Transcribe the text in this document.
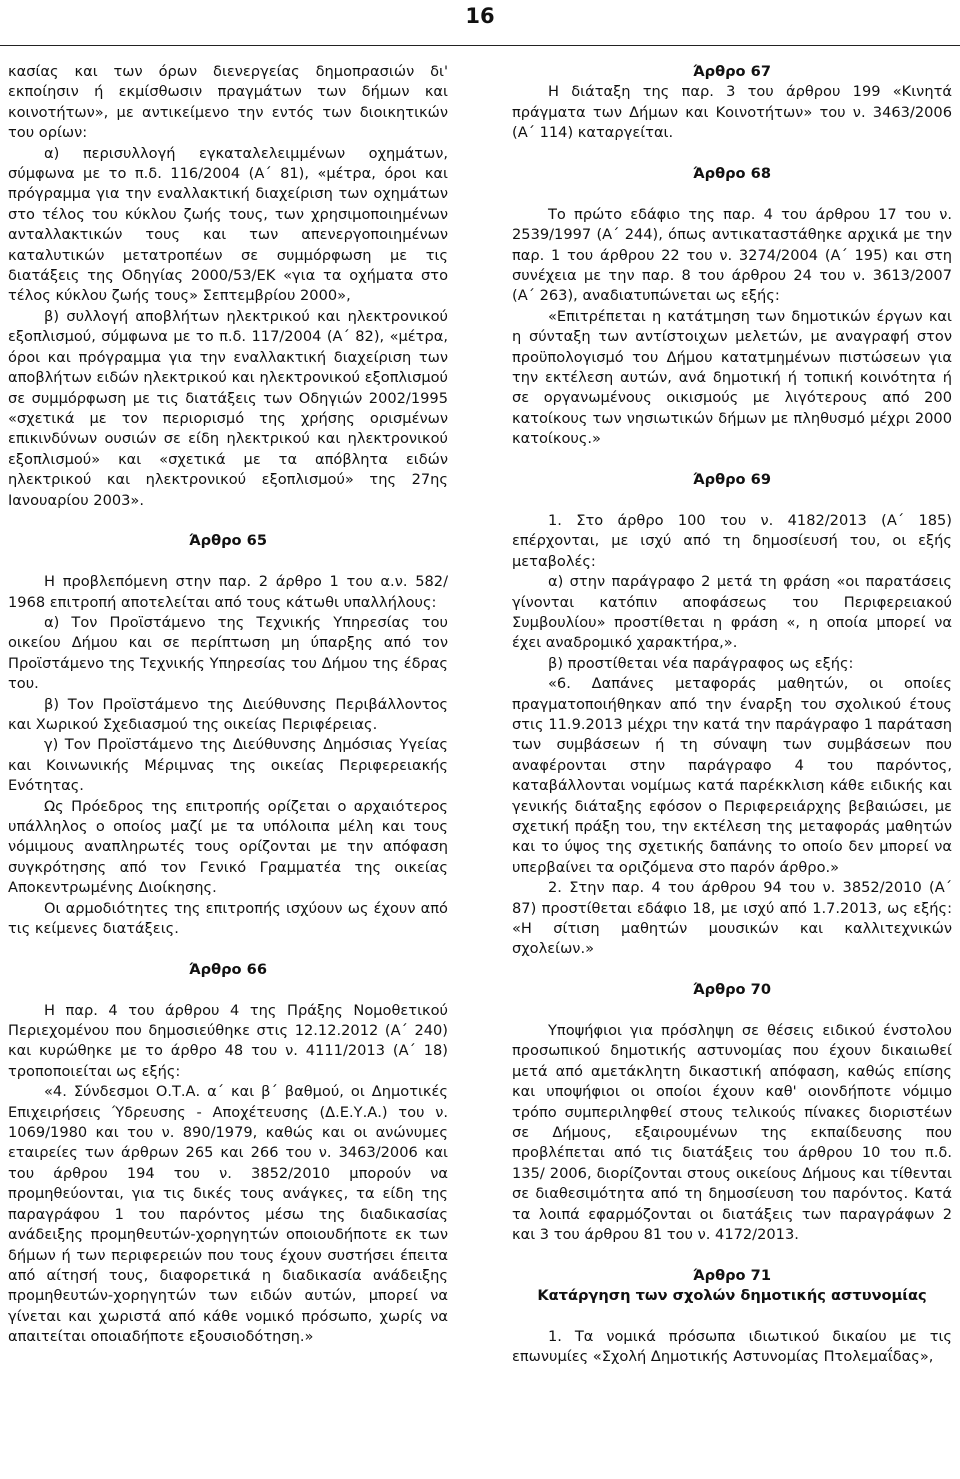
16

κασίας και των όρων διενεργείας δημοπρασιών δι' εκποίησιν ή εκμίσθωσιν πραγμάτων των δήμων και κοινοτήτων», με αντικείμενο την εντός των διοικητικών του ορίων:

α) περισυλλογή εγκαταλελειμμένων οχημάτων, σύμφωνα με το π.δ. 116/2004 (Α΄ 81), «μέτρα, όροι και πρόγραμμα για την εναλλακτική διαχείριση των οχημάτων στο τέλος του κύκλου ζωής τους, των χρησιμοποιημένων ανταλλακτικών τους και των απενεργοποιημένων καταλυτικών μετατροπέων σε συμμόρφωση με τις διατάξεις της Οδηγίας 2000/53/ΕΚ «για τα οχήματα στο τέλος κύκλου ζωής τους» Σεπτεμβρίου 2000»,

β) συλλογή αποβλήτων ηλεκτρικού και ηλεκτρονικού εξοπλισμού, σύμφωνα με το π.δ. 117/2004 (Α΄ 82), «μέτρα, όροι και πρόγραμμα για την εναλλακτική διαχείριση των αποβλήτων ειδών ηλεκτρικού και ηλεκτρονικού εξοπλισμού σε συμμόρφωση με τις διατάξεις των Οδηγιών 2002/1995 «σχετικά με τον περιορισμό της χρήσης ορισμένων επικινδύνων ουσιών σε είδη ηλεκτρικού και ηλεκτρονικού εξοπλισμού» και «σχετικά με τα απόβλητα ειδών ηλεκτρικού και ηλεκτρονικού εξοπλισμού» της 27ης Ιανουαρίου 2003».

Άρθρο 65

Η προβλεπόμενη στην παρ. 2 άρθρο 1 του α.ν. 582/ 1968 επιτροπή αποτελείται από τους κάτωθι υπαλλήλους:

α) Τον Προϊστάμενο της Τεχνικής Υπηρεσίας του οικείου Δήμου και σε περίπτωση μη ύπαρξης από τον Προϊστάμενο της Τεχνικής Υπηρεσίας του Δήμου της έδρας του.

β) Τον Προϊστάμενο της Διεύθυνσης Περιβάλλοντος και Χωρικού Σχεδιασμού της οικείας Περιφέρειας.

γ) Τον Προϊστάμενο της Διεύθυνσης Δημόσιας Υγείας και Κοινωνικής Μέριμνας της οικείας Περιφερειακής Ενότητας.

Ως Πρόεδρος της επιτροπής ορίζεται ο αρχαιότερος υπάλληλος ο οποίος μαζί με τα υπόλοιπα μέλη και τους νόμιμους αναπληρωτές τους ορίζονται με την απόφαση συγκρότησης από τον Γενικό Γραμματέα της οικείας Αποκεντρωμένης Διοίκησης.

Οι αρμοδιότητες της επιτροπής ισχύουν ως έχουν από τις κείμενες διατάξεις.

Άρθρο 66

Η παρ. 4 του άρθρου 4 της Πράξης Νομοθετικού Περιεχομένου που δημοσιεύθηκε στις 12.12.2012 (Α΄ 240) και κυρώθηκε με το άρθρο 48 του ν. 4111/2013 (Α΄ 18) τροποποιείται ως εξής:

«4. Σύνδεσμοι Ο.Τ.Α. α΄ και β΄ βαθμού, οι Δημοτικές Επιχειρήσεις Ύδρευσης - Αποχέτευσης (Δ.Ε.Υ.Α.) του ν. 1069/1980 και του ν. 890/1979, καθώς και οι ανώνυμες εταιρείες των άρθρων 265 και 266 του ν. 3463/2006 και του άρθρου 194 του ν. 3852/2010 μπορούν να προμηθεύονται, για τις δικές τους ανάγκες, τα είδη της παραγράφου 1 του παρόντος μέσω της διαδικασίας ανάδειξης προμηθευτών-χορηγητών οποιουδήποτε εκ των δήμων ή των περιφερειών που τους έχουν συστήσει έπειτα από αίτησή τους, διαφορετικά η διαδικασία ανάδειξης προμηθευτών-χορηγητών των ειδών αυτών, μπορεί να γίνεται και χωριστά από κάθε νομικό πρόσωπο, χωρίς να απαιτείται οποιαδήποτε εξουσιοδότηση.»

Άρθρο 67

Η διάταξη της παρ. 3 του άρθρου 199 «Κινητά πράγματα των Δήμων και Κοινοτήτων» του ν. 3463/2006 (Α΄ 114) καταργείται.

Άρθρο 68

Το πρώτο εδάφιο της παρ. 4 του άρθρου 17 του ν. 2539/1997 (Α΄ 244), όπως αντικαταστάθηκε αρχικά με την παρ. 1 του άρθρου 22 του ν. 3274/2004 (Α΄ 195) και στη συνέχεια με την παρ. 8 του άρθρου 24 του ν. 3613/2007 (Α΄ 263), αναδιατυπώνεται ως εξής:

«Επιτρέπεται η κατάτμηση των δημοτικών έργων και η σύνταξη των αντίστοιχων μελετών, με αναγραφή στον προϋπολογισμό του Δήμου κατατμημένων πιστώσεων για την εκτέλεση αυτών, ανά δημοτική ή τοπική κοινότητα ή σε οργανωμένους οικισμούς με λιγότερους από 200 κατοίκους των νησιωτικών δήμων με πληθυσμό μέχρι 2000 κατοίκους.»

Άρθρο 69

1. Στο άρθρο 100 του ν. 4182/2013 (Α΄ 185) επέρχονται, με ισχύ από τη δημοσίευσή του, οι εξής μεταβολές:

α) στην παράγραφο 2 μετά τη φράση «οι παρατάσεις γίνονται κατόπιν αποφάσεως του Περιφερειακού Συμβουλίου» προστίθεται η φράση «, η οποία μπορεί να έχει αναδρομικό χαρακτήρα,».

β) προστίθεται νέα παράγραφος ως εξής:

«6. Δαπάνες μεταφοράς μαθητών, οι οποίες πραγματοποιήθηκαν από την έναρξη του σχολικού έτους στις 11.9.2013 μέχρι την κατά την παράγραφο 1 παράταση των συμβάσεων ή τη σύναψη των συμβάσεων που αναφέρονται στην παράγραφο 4 του παρόντος, καταβάλλονται νομίμως κατά παρέκκλιση κάθε ειδικής και γενικής διάταξης εφόσον ο Περιφερειάρχης βεβαιώσει, με σχετική πράξη του, την εκτέλεση της μεταφοράς μαθητών και το ύψος της σχετικής δαπάνης το οποίο δεν μπορεί να υπερβαίνει τα οριζόμενα στο παρόν άρθρο.»

2. Στην παρ. 4 του άρθρου 94 του ν. 3852/2010 (Α΄ 87) προστίθεται εδάφιο 18, με ισχύ από 1.7.2013, ως εξής: «Η σίτιση μαθητών μουσικών και καλλιτεχνικών σχολείων.»

Άρθρο 70

Υποψήφιοι για πρόσληψη σε θέσεις ειδικού ένστολου προσωπικού δημοτικής αστυνομίας που έχουν δικαιωθεί μετά από αμετάκλητη δικαστική απόφαση, καθώς επίσης και υποψήφιοι οι οποίοι έχουν καθ' οιονδήποτε νόμιμο τρόπο συμπεριληφθεί στους τελικούς πίνακες διοριστέων σε Δήμους, εξαιρουμένων της εκπαίδευσης που προβλέπεται από τις διατάξεις του άρθρου 10 του π.δ. 135/ 2006, διορίζονται στους οικείους Δήμους και τίθενται σε διαθεσιμότητα από τη δημοσίευση του παρόντος. Κατά τα λοιπά εφαρμόζονται οι διατάξεις των παραγράφων 2 και 3 του άρθρου 81 του ν. 4172/2013.

Άρθρο 71
Κατάργηση των σχολών δημοτικής αστυνομίας

1. Τα νομικά πρόσωπα ιδιωτικού δικαίου με τις επωνυμίες «Σχολή Δημοτικής Αστυνομίας Πτολεμαΐδας»,
